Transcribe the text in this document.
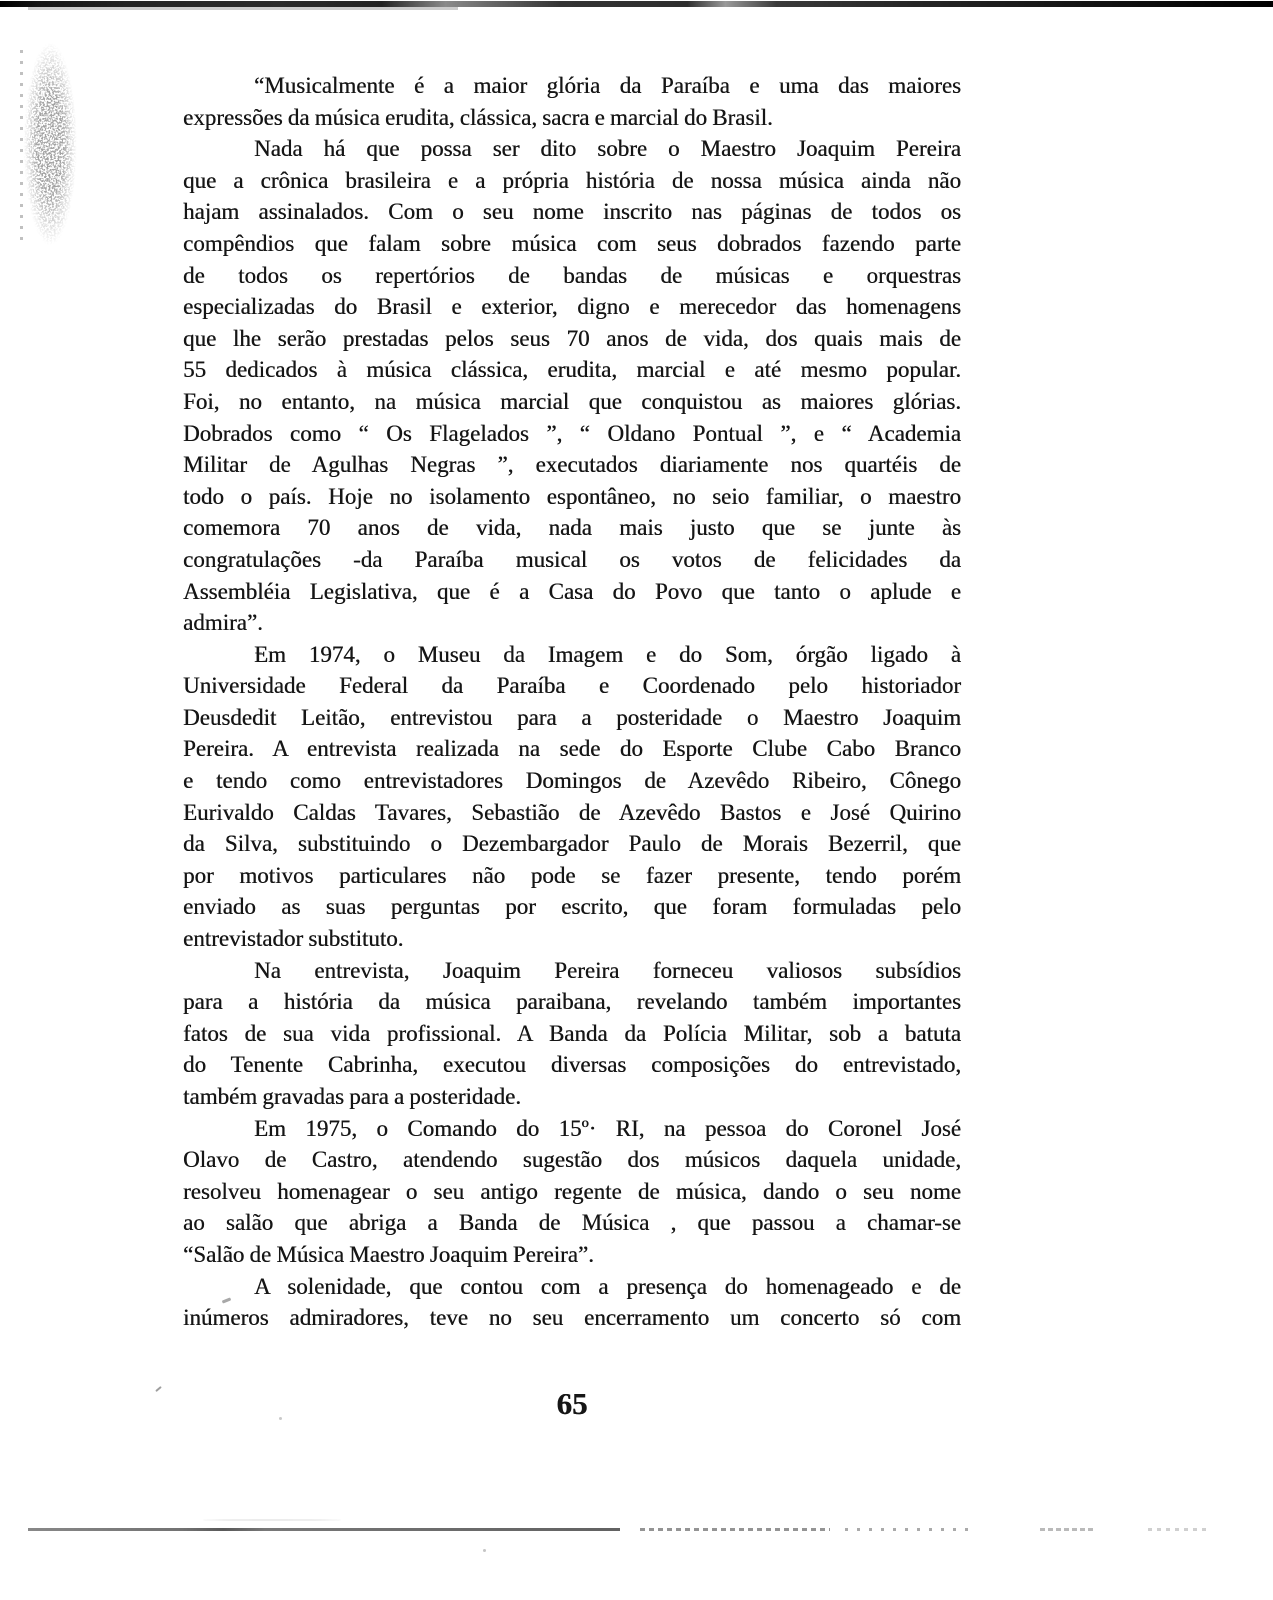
“Musicalmente é a maior glória da Paraíba e uma das maiores
expressões da música erudita, clássica, sacra e marcial do Brasil.
Nada há que possa ser dito sobre o Maestro Joaquim Pereira
que a crônica brasileira e a própria história de nossa música ainda não
hajam assinalados. Com o seu nome inscrito nas páginas de todos os
compêndios que falam sobre música com seus dobrados fazendo parte
de todos os repertórios de bandas de músicas e orquestras
especializadas do Brasil e exterior, digno e merecedor das homenagens
que lhe serão prestadas pelos seus 70 anos de vida, dos quais mais de
55 dedicados à música clássica, erudita, marcial e até mesmo popular.
Foi, no entanto, na música marcial que conquistou as maiores glórias.
Dobrados como “ Os Flagelados ”, “ Oldano Pontual ”, e “ Academia
Militar de Agulhas Negras ”, executados diariamente nos quartéis de
todo o país. Hoje no isolamento espontâneo, no seio familiar, o maestro
comemora 70 anos de vida, nada mais justo que se junte às
congratulações -da Paraíba musical os votos de felicidades da
Assembléia Legislativa, que é a Casa do Povo que tanto o aplude e
admira”.
Em 1974, o Museu da Imagem e do Som, órgão ligado à
Universidade Federal da Paraíba e Coordenado pelo historiador
Deusdedit Leitão, entrevistou para a posteridade o Maestro Joaquim
Pereira. A entrevista realizada na sede do Esporte Clube Cabo Branco
e tendo como entrevistadores Domingos de Azevêdo Ribeiro, Cônego
Eurivaldo Caldas Tavares, Sebastião de Azevêdo Bastos e José Quirino
da Silva, substituindo o Dezembargador Paulo de Morais Bezerril, que
por motivos particulares não pode se fazer presente, tendo porém
enviado as suas perguntas por escrito, que foram formuladas pelo
entrevistador substituto.
Na entrevista, Joaquim Pereira forneceu valiosos subsídios
para a história da música paraibana, revelando também importantes
fatos de sua vida profissional. A Banda da Polícia Militar, sob a batuta
do Tenente Cabrinha, executou diversas composições do entrevistado,
também gravadas para a posteridade.
Em 1975, o Comando do 15º· RI, na pessoa do Coronel José
Olavo de Castro, atendendo sugestão dos músicos daquela unidade,
resolveu homenagear o seu antigo regente de música, dando o seu nome
ao salão que abriga a Banda de Música , que passou a chamar-se
“Salão de Música Maestro Joaquim Pereira”.
A solenidade, que contou com a presença do homenageado e de
inúmeros admiradores, teve no seu encerramento um concerto só com
65
